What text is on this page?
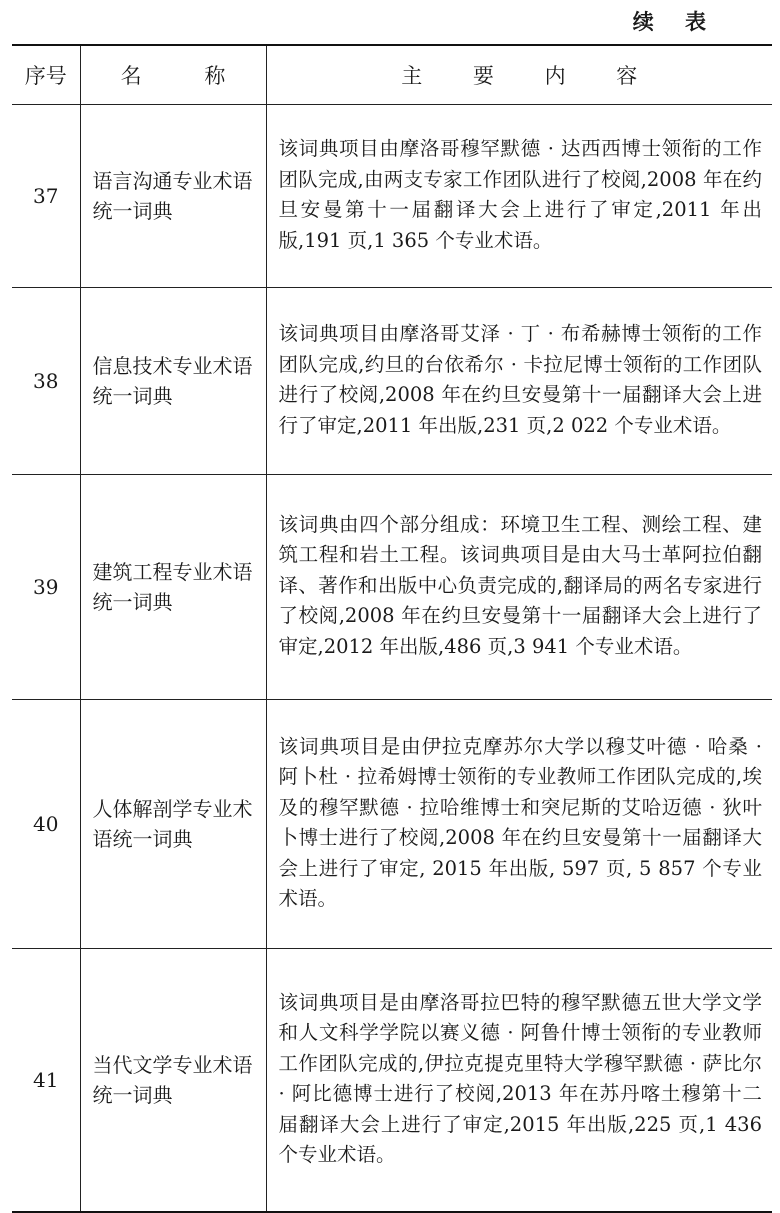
续 表
序号	名 称	主 要 内 容
37	语言沟通专业术语统一词典	该词典项目由摩洛哥穆罕默德 · 达西西博士领衔的工作团队完成,由两支专家工作团队进行了校阅,2008 年在约旦安曼第十一届翻译大会上进行了审定,2011 年出版,191 页,1 365 个专业术语。
38	信息技术专业术语统一词典	该词典项目由摩洛哥艾泽 · 丁 · 布希赫博士领衔的工作团队完成,约旦的台依希尔 · 卡拉尼博士领衔的工作团队进行了校阅,2008 年在约旦安曼第十一届翻译大会上进行了审定,2011 年出版,231 页,2 022 个专业术语。
39	建筑工程专业术语统一词典	该词典由四个部分组成：环境卫生工程、测绘工程、建筑工程和岩土工程。该词典项目是由大马士革阿拉伯翻译、著作和出版中心负责完成的,翻译局的两名专家进行了校阅,2008 年在约旦安曼第十一届翻译大会上进行了审定,2012 年出版,486 页,3 941 个专业术语。
40	人体解剖学专业术语统一词典	该词典项目是由伊拉克摩苏尔大学以穆艾叶德 · 哈桑 · 阿卜杜 · 拉希姆博士领衔的专业教师工作团队完成的,埃及的穆罕默德 · 拉哈维博士和突尼斯的艾哈迈德 · 狄叶卜博士进行了校阅,2008 年在约旦安曼第十一届翻译大会上进行了审定, 2015 年出版, 597 页, 5 857 个专业术语。
41	当代文学专业术语统一词典	该词典项目是由摩洛哥拉巴特的穆罕默德五世大学文学和人文科学学院以赛义德 · 阿鲁什博士领衔的专业教师工作团队完成的,伊拉克提克里特大学穆罕默德 · 萨比尔 · 阿比德博士进行了校阅,2013 年在苏丹喀土穆第十二届翻译大会上进行了审定,2015 年出版,225 页,1 436 个专业术语。
